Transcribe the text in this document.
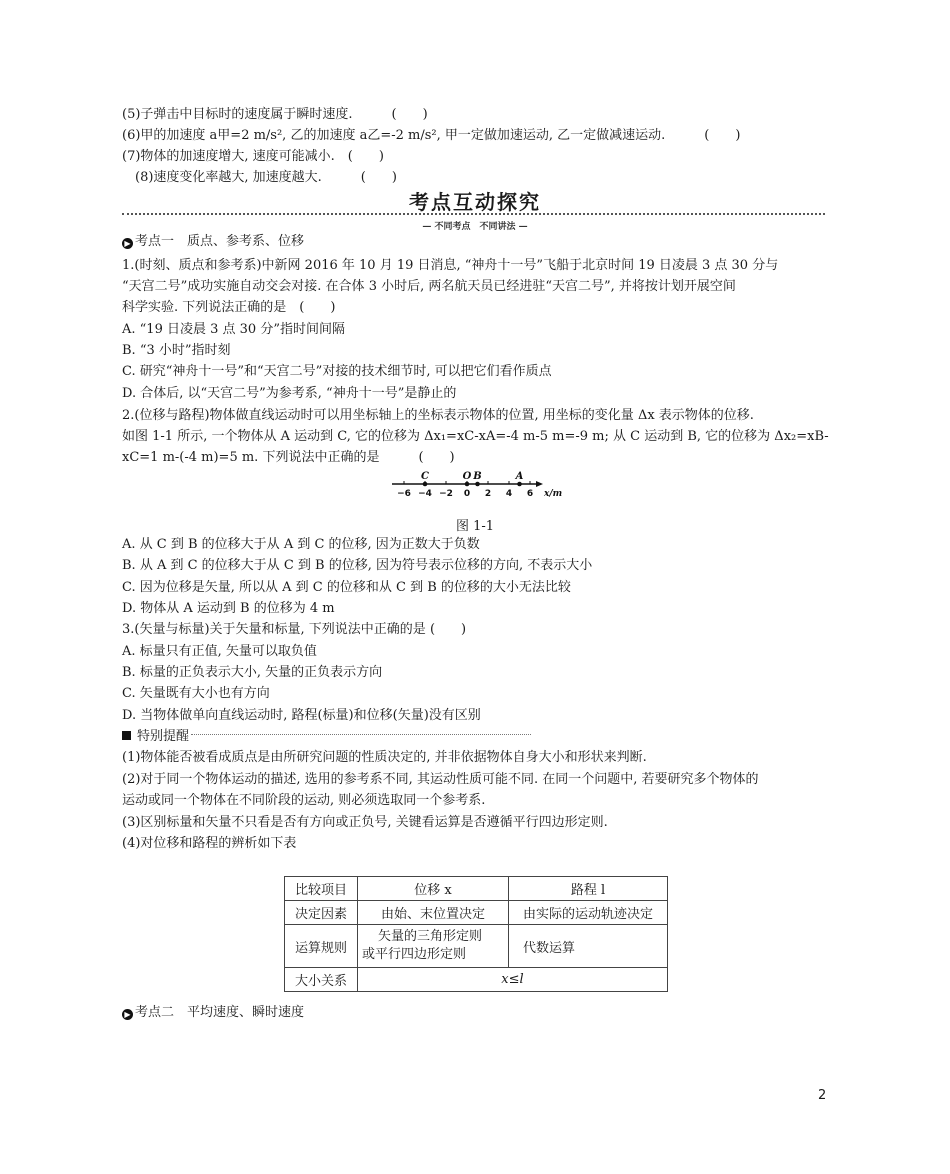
(5)子弹击中目标时的速度属于瞬时速度.　　　(　　)
(6)甲的加速度 a甲=2 m/s², 乙的加速度 a乙=-2 m/s², 甲一定做加速运动, 乙一定做减速运动.　　　(　　)
(7)物体的加速度增大, 速度可能减小.　(　　)
　(8)速度变化率越大, 加速度越大.　　　(　　)
考点互动探究
— 不同考点　不同讲法 —
▶ 考点一　质点、参考系、位移
1.(时刻、质点和参考系)中新网 2016 年 10 月 19 日消息, “神舟十一号”飞船于北京时间 19 日凌晨 3 点 30 分与
“天宫二号”成功实施自动交会对接. 在合体 3 小时后, 两名航天员已经进驻“天宫二号”, 并将按计划开展空间
科学实验. 下列说法正确的是　(　　)
A. “19 日凌晨 3 点 30 分”指时间间隔
B. “3 小时”指时刻
C. 研究“神舟十一号”和“天宫二号”对接的技术细节时, 可以把它们看作质点
D. 合体后, 以“天宫二号”为参考系, “神舟十一号”是静止的
2.(位移与路程)物体做直线运动时可以用坐标轴上的坐标表示物体的位置, 用坐标的变化量 Δx 表示物体的位移.
如图 1-1 所示, 一个物体从 A 运动到 C, 它的位移为 Δx₁=xC-xA=-4 m-5 m=-9 m; 从 C 运动到 B, 它的位移为 Δx₂=xB-
xC=1 m-(-4 m)=5 m. 下列说法中正确的是　　　(　　)
−6 −4 −2 0 2 4 6
C	O B	A
x/m
图 1-1
A. 从 C 到 B 的位移大于从 A 到 C 的位移, 因为正数大于负数
B. 从 A 到 C 的位移大于从 C 到 B 的位移, 因为符号表示位移的方向, 不表示大小
C. 因为位移是矢量, 所以从 A 到 C 的位移和从 C 到 B 的位移的大小无法比较
D. 物体从 A 运动到 B 的位移为 4 m
3.(矢量与标量)关于矢量和标量, 下列说法中正确的是 (　　)
A. 标量只有正值, 矢量可以取负值
B. 标量的正负表示大小, 矢量的正负表示方向
C. 矢量既有大小也有方向
D. 当物体做单向直线运动时, 路程(标量)和位移(矢量)没有区别
特别提醒
(1)物体能否被看成质点是由所研究问题的性质决定的, 并非依据物体自身大小和形状来判断.
(2)对于同一个物体运动的描述, 选用的参考系不同, 其运动性质可能不同. 在同一个问题中, 若要研究多个物体的
运动或同一个物体在不同阶段的运动, 则必须选取同一个参考系.
(3)区别标量和矢量不只看是否有方向或正负号, 关键看运算是否遵循平行四边形定则.
(4)对位移和路程的辨析如下表
比较项目	位移 x	路程 l
决定因素	由始、末位置决定	由实际的运动轨迹决定
运算规则	矢量的三角形定则
或平行四边形定则	代数运算
大小关系	x≤l	
▶ 考点二　平均速度、瞬时速度
2
